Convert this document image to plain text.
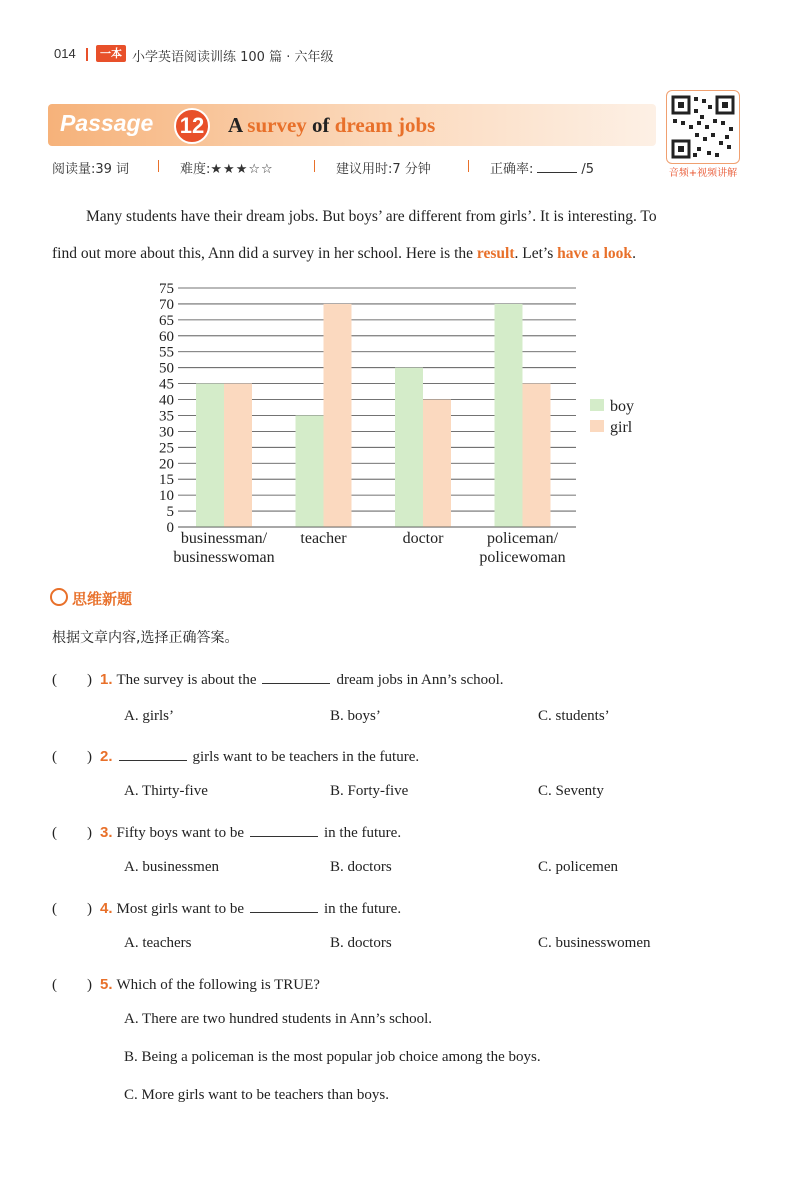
014	一本 小学英语阅读训练 100 篇 · 六年级
Passage 12 A survey of dream jobs
音频+视频讲解
阅读量:39 词	难度:★★★☆☆	建议用时:7 分钟	正确率:	/5
Many students have their dream jobs. But boys’ are different from girls’. It is interesting. To
find out more about this, Ann did a survey in her school. Here is the result. Let’s have a look.
0
5
10
15
20
25
30
35
40
45
50
55
60
65
70
75
businessman/
businesswoman
teacher	doctor	policeman/
policewoman
boy
girl
思维新题
根据文章内容,选择正确答案。
(　　) 1. The survey is about the	dream jobs in Ann’s school.
A. girls’	B. boys’	C. students’
(　　) 2.	girls want to be teachers in the future.
A. Thirty-five	B. Forty-five	C. Seventy
(　　) 3. Fifty boys want to be	in the future.
A. businessmen	B. doctors	C. policemen
(　　) 4. Most girls want to be	in the future.
A. teachers	B. doctors	C. businesswomen
(　　) 5. Which of the following is TRUE?
A. There are two hundred students in Ann’s school.
B. Being a policeman is the most popular job choice among the boys.
C. More girls want to be teachers than boys.
